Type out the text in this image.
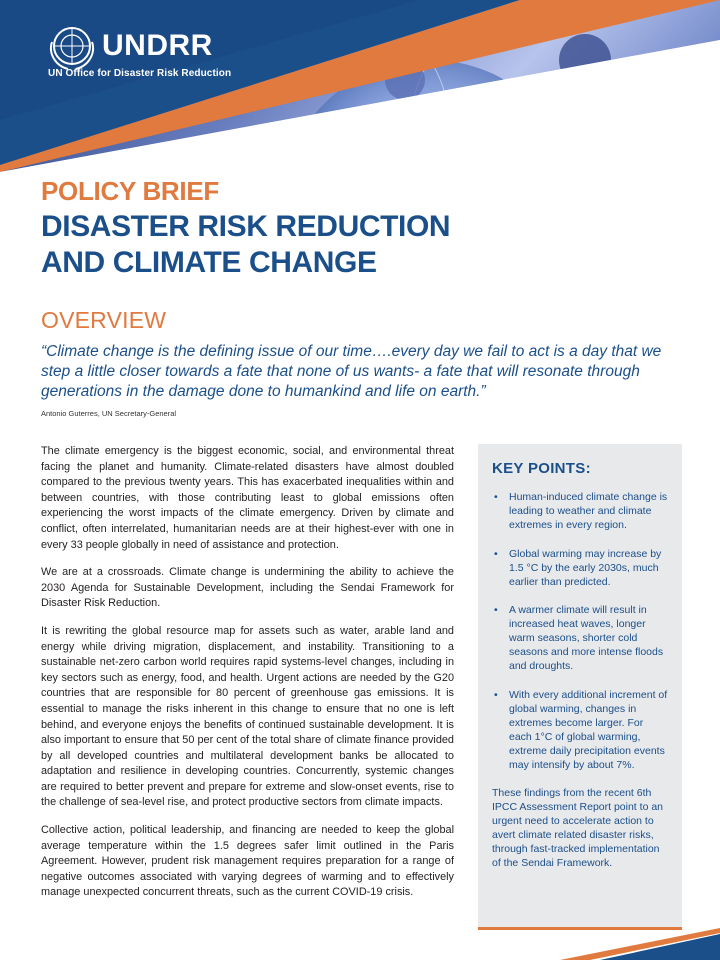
UNDRR
UN Office for Disaster Risk Reduction
POLICY BRIEF
DISASTER RISK REDUCTION
AND CLIMATE CHANGE
OVERVIEW

“Climate change is the defining issue of our time….every day we fail to act is a day that we step a little closer towards a fate that none of us wants- a fate that will resonate through generations in the damage done to humankind and life on earth.”

Antonio Guterres, UN Secretary-General

The climate emergency is the biggest economic, social, and environmental threat facing the planet and humanity. Climate-related disasters have almost doubled compared to the previous twenty years. This has exacerbated inequalities within and between countries, with those contributing least to global emissions often experiencing the worst impacts of the climate emergency. Driven by climate and conflict, often interrelated, humanitarian needs are at their highest-ever with one in every 33 people globally in need of assistance and protection.

We are at a crossroads. Climate change is undermining the ability to achieve the 2030 Agenda for Sustainable Development, including the Sendai Framework for Disaster Risk Reduction.

It is rewriting the global resource map for assets such as water, arable land and energy while driving migration, displacement, and instability. Transitioning to a sustainable net-zero carbon world requires rapid systems-level changes, including in key sectors such as energy, food, and health. Urgent actions are needed by the G20 countries that are responsible for 80 percent of greenhouse gas emissions. It is essential to manage the risks inherent in this change to ensure that no one is left behind, and everyone enjoys the benefits of continued sustainable development. It is also important to ensure that 50 per cent of the total share of climate finance provided by all developed countries and multilateral development banks be allocated to adaptation and resilience in developing countries. Concurrently, systemic changes are required to better prevent and prepare for extreme and slow-onset events, rise to the challenge of sea-level rise, and protect productive sectors from climate impacts.

Collective action, political leadership, and financing are needed to keep the global average temperature within the 1.5 degrees safer limit outlined in the Paris Agreement. However, prudent risk management requires preparation for a range of negative outcomes associated with varying degrees of warming and to effectively manage unexpected concurrent threats, such as the current COVID-19 crisis.

KEY POINTS:
• Human-induced climate change is leading to weather and climate extremes in every region.
• Global warming may increase by 1.5 °C by the early 2030s, much earlier than predicted.
• A warmer climate will result in increased heat waves, longer warm seasons, shorter cold seasons and more intense floods and droughts.
• With every additional increment of global warming, changes in extremes become larger. For each 1°C of global warming, extreme daily precipitation events may intensify by about 7%.

These findings from the recent 6th IPCC Assessment Report point to an urgent need to accelerate action to avert climate related disaster risks, through fast-tracked implementation of the Sendai Framework.
